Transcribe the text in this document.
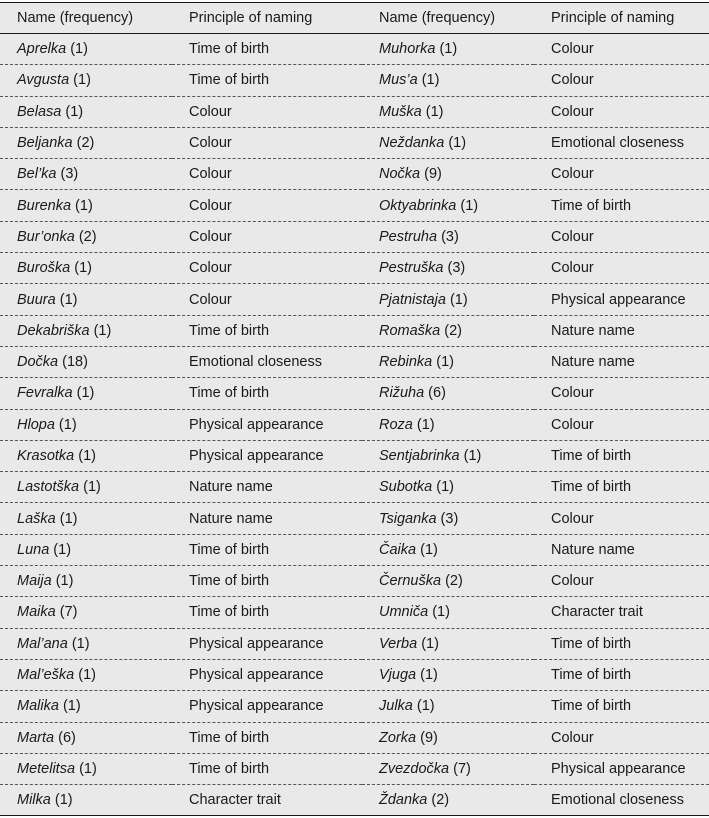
Name (frequency)	Principle of naming	Name (frequency)	Principle of naming
Aprelka (1)	Time of birth	Muhorka (1)	Colour
Avgusta (1)	Time of birth	Mus’a (1)	Colour
Belasa (1)	Colour	Muška (1)	Colour
Beljanka (2)	Colour	Neždanka (1)	Emotional closeness
Bel’ka (3)	Colour	Nočka (9)	Colour
Burenka (1)	Colour	Oktyabrinka (1)	Time of birth
Bur’onka (2)	Colour	Pestruha (3)	Colour
Buroška (1)	Colour	Pestruška (3)	Colour
Buura (1)	Colour	Pjatnistaja (1)	Physical appearance
Dekabriška (1)	Time of birth	Romaška (2)	Nature name
Dočka (18)	Emotional closeness	Rebinka (1)	Nature name
Fevralka (1)	Time of birth	Rižuha (6)	Colour
Hlopa (1)	Physical appearance	Roza (1)	Colour
Krasotka (1)	Physical appearance	Sentjabrinka (1)	Time of birth
Lastotška (1)	Nature name	Subotka (1)	Time of birth
Laška (1)	Nature name	Tsiganka (3)	Colour
Luna (1)	Time of birth	Čaika (1)	Nature name
Maija (1)	Time of birth	Černuška (2)	Colour
Maika (7)	Time of birth	Umniča (1)	Character trait
Mal’ana (1)	Physical appearance	Verba (1)	Time of birth
Mal’eška (1)	Physical appearance	Vjuga (1)	Time of birth
Malika (1)	Physical appearance	Julka (1)	Time of birth
Marta (6)	Time of birth	Zorka (9)	Colour
Metelitsa (1)	Time of birth	Zvezdočka (7)	Physical appearance
Milka (1)	Character trait	Ždanka (2)	Emotional closeness
